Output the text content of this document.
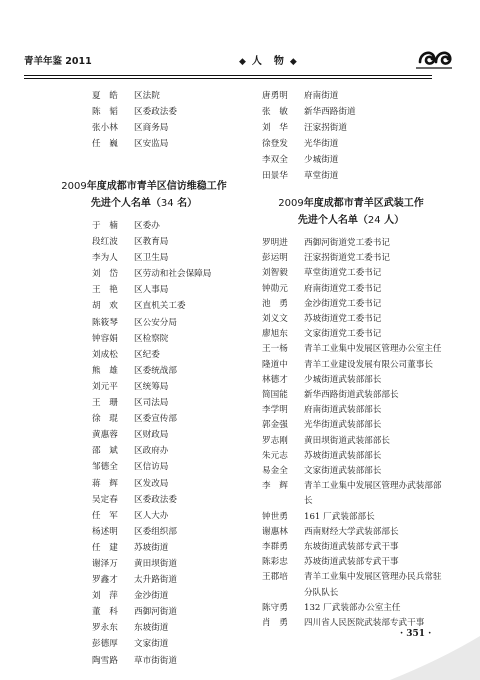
青羊年鉴 2011	◆ 人　物 ◆
夏　皓	区法院
陈　韬	区委政法委
张小林	区商务局
任　巍	区安监局
2009年度成都市青羊区信访维稳工作
先进个人名单（34 名）
于　楠	区委办
段红波	区教育局
李为人	区卫生局
刘　岱	区劳动和社会保障局
王　艳	区人事局
胡　欢	区直机关工委
陈筱琴	区公安分局
钟容娟	区检察院
刘成松	区纪委
熊　雄	区委统战部
刘元平	区统筹局
王　珊	区司法局
徐　琨	区委宣传部
黄惠蓉	区财政局
邵　斌	区政府办
邹德全	区信访局
蒋　辉	区发改局
吴定春	区委政法委
任　军	区人大办
杨述明	区委组织部
任　建	苏坡街道
谢泽万	黄田坝街道
罗鑫才	太升路街道
刘　萍	金沙街道
董　科	西御河街道
罗永东	东坡街道
彭德厚	文家街道
陶雪路	草市街街道
唐勇明	府南街道
张　敏	新华西路街道
刘　华	汪家拐街道
徐登发	光华街道
李双全	少城街道
田景华	草堂街道
2009年度成都市青羊区武装工作
先进个人名单（24 人）
罗明进	西御河街道党工委书记
彭运明	汪家拐街道党工委书记
刘智毅	草堂街道党工委书记
钟勋元	府南街道党工委书记
池　勇	金沙街道党工委书记
刘义文	苏坡街道党工委书记
廖旭东	文家街道党工委书记
王一杨	青羊工业集中发展区管理办公室主任
隆道中	青羊工业建设发展有限公司董事长
林德才	少城街道武装部部长
简国能	新华西路街道武装部部长
李学明	府南街道武装部部长
郭金强	光华街道武装部部长
罗志刚	黄田坝街道武装部部长
朱元志	苏坡街道武装部部长
易金全	文家街道武装部部长
李　辉	青羊工业集中发展区管理办武装部部长
钟世勇	161 厂武装部部长
谢惠林	西南财经大学武装部部长
李群勇	东坡街道武装部专武干事
陈彩忠	苏坡街道武装部专武干事
王郡培	青羊工业集中发展区管理办民兵常驻分队队长
陈守勇	132 厂武装部办公室主任
肖　勇	四川省人民医院武装部专武干事
· 351 ·
